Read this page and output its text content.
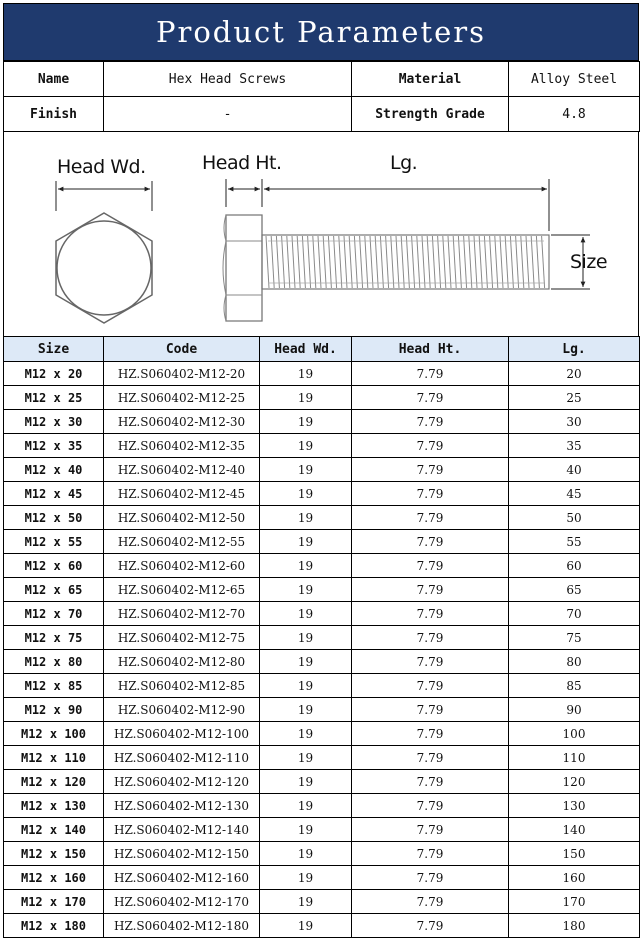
Product Parameters
Name	Hex Head Screws	Material	Alloy Steel
Finish	-	Strength Grade	4.8
Head Wd.	Head Ht.	Lg.
Size
Size	Code	Head Wd.	Head Ht.	Lg.
M12 x 20	HZ.S060402-M12-20	19	7.79	20
M12 x 25	HZ.S060402-M12-25	19	7.79	25
M12 x 30	HZ.S060402-M12-30	19	7.79	30
M12 x 35	HZ.S060402-M12-35	19	7.79	35
M12 x 40	HZ.S060402-M12-40	19	7.79	40
M12 x 45	HZ.S060402-M12-45	19	7.79	45
M12 x 50	HZ.S060402-M12-50	19	7.79	50
M12 x 55	HZ.S060402-M12-55	19	7.79	55
M12 x 60	HZ.S060402-M12-60	19	7.79	60
M12 x 65	HZ.S060402-M12-65	19	7.79	65
M12 x 70	HZ.S060402-M12-70	19	7.79	70
M12 x 75	HZ.S060402-M12-75	19	7.79	75
M12 x 80	HZ.S060402-M12-80	19	7.79	80
M12 x 85	HZ.S060402-M12-85	19	7.79	85
M12 x 90	HZ.S060402-M12-90	19	7.79	90
M12 x 100	HZ.S060402-M12-100	19	7.79	100
M12 x 110	HZ.S060402-M12-110	19	7.79	110
M12 x 120	HZ.S060402-M12-120	19	7.79	120
M12 x 130	HZ.S060402-M12-130	19	7.79	130
M12 x 140	HZ.S060402-M12-140	19	7.79	140
M12 x 150	HZ.S060402-M12-150	19	7.79	150
M12 x 160	HZ.S060402-M12-160	19	7.79	160
M12 x 170	HZ.S060402-M12-170	19	7.79	170
M12 x 180	HZ.S060402-M12-180	19	7.79	180
